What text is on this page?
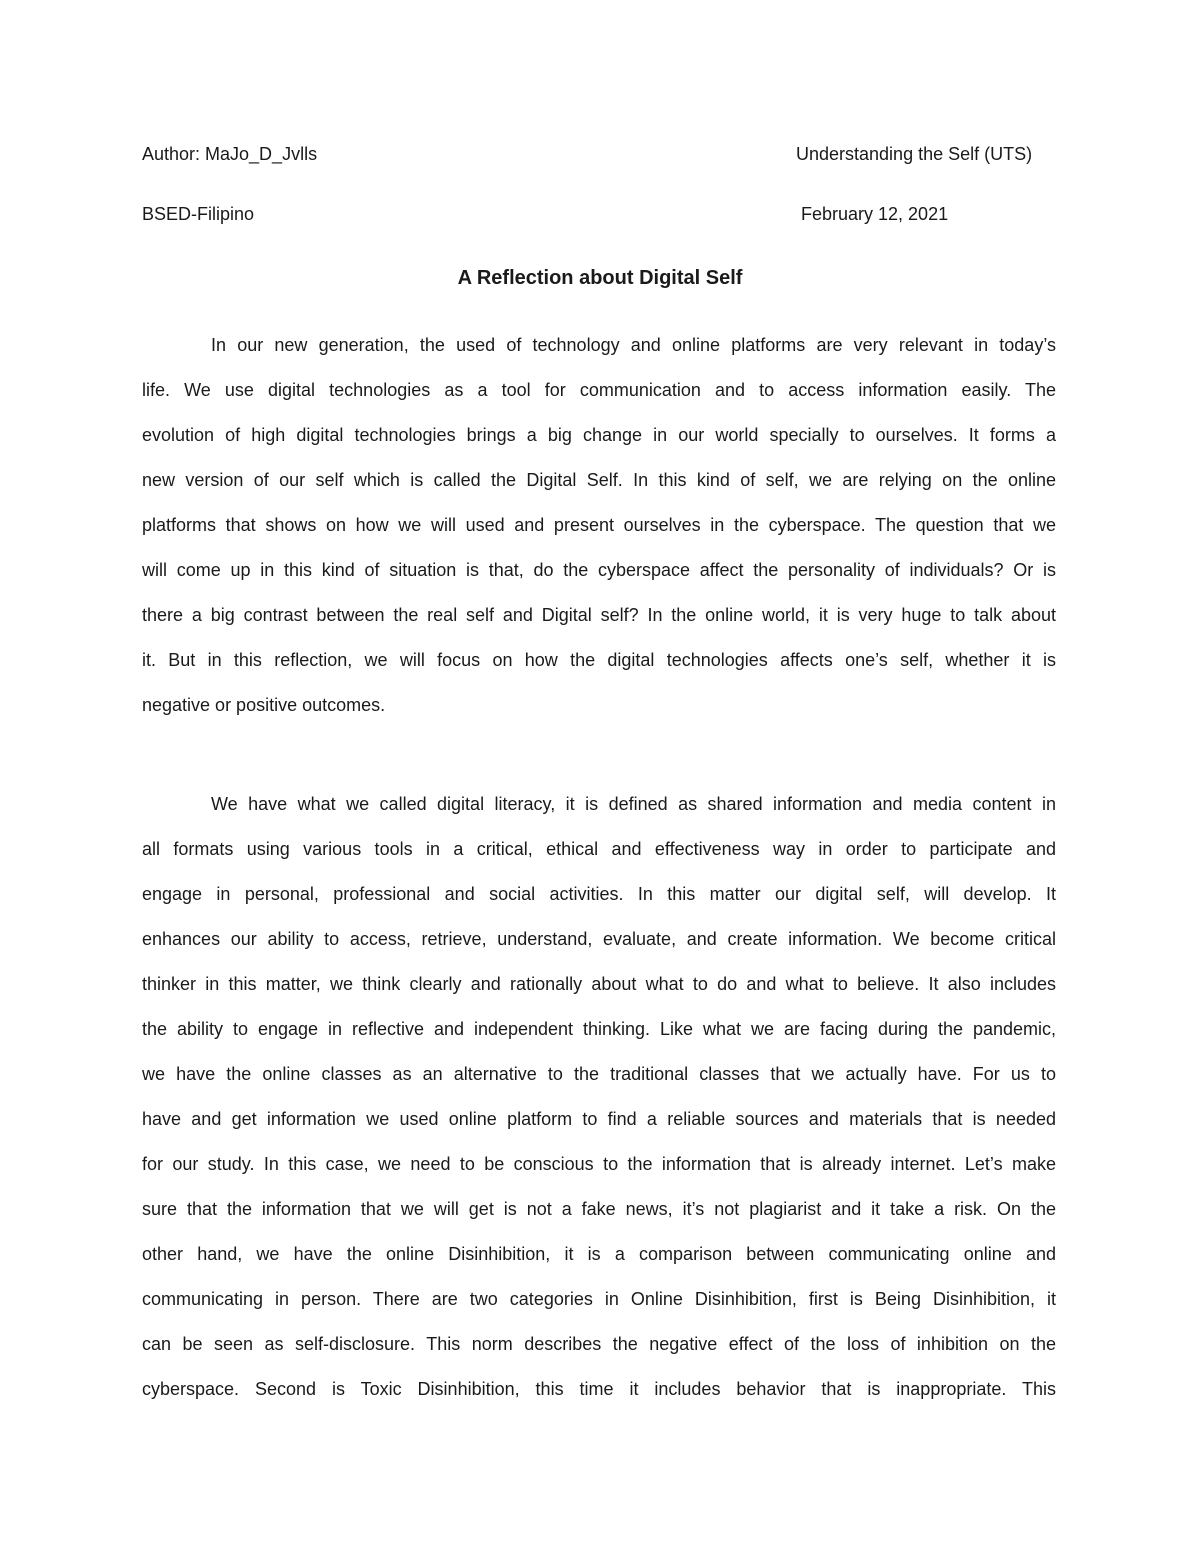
Author: MaJo_D_Jvlls	Understanding the Self (UTS)
BSED-Filipino	February 12, 2021
A Reflection about Digital Self
In our new generation, the used of technology and online platforms are very relevant in today’s
life. We use digital technologies as a tool for communication and to access information easily. The
evolution of high digital technologies brings a big change in our world specially to ourselves. It forms a
new version of our self which is called the Digital Self. In this kind of self, we are relying on the online
platforms that shows on how we will used and present ourselves in the cyberspace. The question that we
will come up in this kind of situation is that, do the cyberspace affect the personality of individuals? Or is
there a big contrast between the real self and Digital self? In the online world, it is very huge to talk about
it. But in this reflection, we will focus on how the digital technologies affects one’s self, whether it is
negative or positive outcomes.
We have what we called digital literacy, it is defined as shared information and media content in
all formats using various tools in a critical, ethical and effectiveness way in order to participate and
engage in personal, professional and social activities. In this matter our digital self, will develop. It
enhances our ability to access, retrieve, understand, evaluate, and create information. We become critical
thinker in this matter, we think clearly and rationally about what to do and what to believe. It also includes
the ability to engage in reflective and independent thinking. Like what we are facing during the pandemic,
we have the online classes as an alternative to the traditional classes that we actually have. For us to
have and get information we used online platform to find a reliable sources and materials that is needed
for our study. In this case, we need to be conscious to the information that is already internet. Let’s make
sure that the information that we will get is not a fake news, it’s not plagiarist and it take a risk. On the
other hand, we have the online Disinhibition, it is a comparison between communicating online and
communicating in person. There are two categories in Online Disinhibition, first is Being Disinhibition, it
can be seen as self-disclosure. This norm describes the negative effect of the loss of inhibition on the
cyberspace. Second is Toxic Disinhibition, this time it includes behavior that is inappropriate. This
